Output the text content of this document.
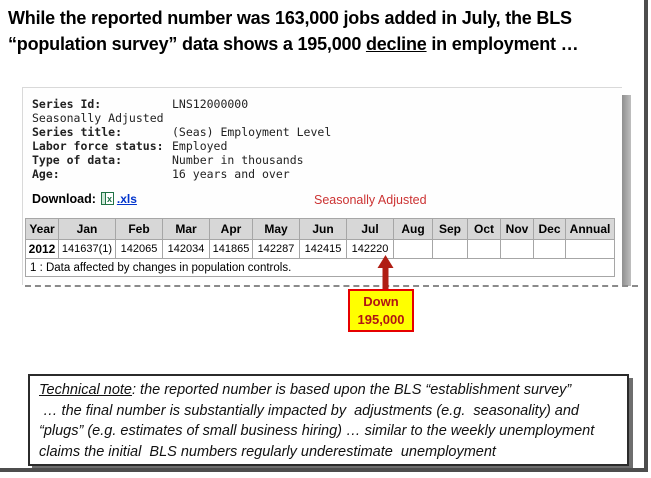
While the reported number was 163,000 jobs added in July, the BLS
“population survey” data shows a 195,000 decline in employment …
Series Id:	LNS12000000
Seasonally Adjusted
Series title:	(Seas) Employment Level
Labor force status: Employed
Type of data:	Number in thousands
Age:	16 years and over
Download: x .xls	Seasonally Adjusted
Year	Jan	Feb	Mar	Apr	May	Jun	Jul	Aug	Sep	Oct	Nov	Dec	Annual
2012	141637(1)	142065	142034	141865	142287	142415	142220						
1 : Data affected by changes in population controls.													
Down
195,000
Technical note: the reported number is based upon the BLS “establishment survey”
… the final number is substantially impacted by  adjustments (e.g.  seasonality) and
“plugs” (e.g. estimates of small business hiring) … similar to the weekly unemployment
claims the initial  BLS numbers regularly underestimate  unemployment
